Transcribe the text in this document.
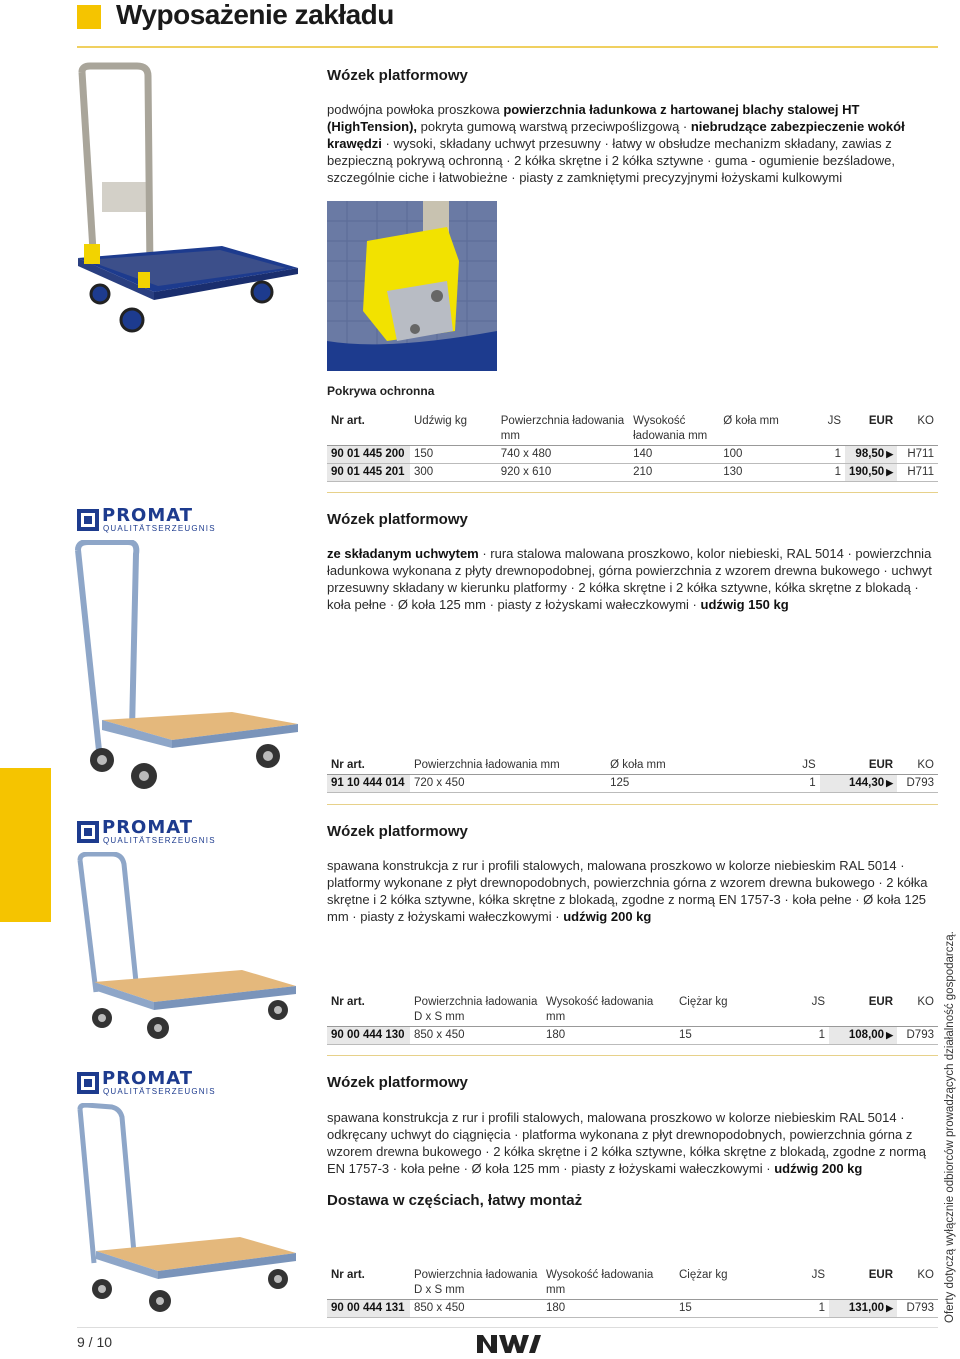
Wyposażenie zakładu
Oferty dotyczą wyłącznie odbiorców prowadzących działalność gospodarczą.
Wózek platformowy
podwójna powłoka proszkowa powierzchnia ładunkowa z hartowanej blachy stalowej HT (HighTension), pokryta gumową warstwą przeciwpoślizgową · niebrudzące zabezpieczenie wokół krawędzi · wysoki, składany uchwyt przesuwny · łatwy w obsłudze mechanizm składany, zawias z bezpieczną pokrywą ochronną · 2 kółka skrętne i 2 kółka sztywne · guma - ogumienie bezśladowe, szczególnie ciche i łatwobieżne · piasty z zamkniętymi precyzyjnymi łożyskami kulkowymi
Pokrywa ochronna
Nr art.	Udźwig kg	Powierzchnia ładowania mm	Wysokość ładowania mm	Ø koła mm	JS	EUR	KO
90 01 445 200	150	740 x 480	140	100	1	98,50 ▶	H711
90 01 445 201	300	920 x 610	210	130	1	190,50 ▶	H711
PROMAT
QUALITÄTSERZEUGNIS
Wózek platformowy
ze składanym uchwytem · rura stalowa malowana proszkowo, kolor niebieski, RAL 5014 · powierzchnia ładunkowa wykonana z płyty drewnopodobnej, górna powierzchnia z wzorem drewna bukowego · uchwyt przesuwny składany w kierunku platformy · 2 kółka skrętne i 2 kółka sztywne, kółka skrętne z blokadą · koła pełne · Ø koła 125 mm · piasty z łożyskami wałeczkowymi · udźwig 150 kg
Nr art.	Powierzchnia ładowania mm	Ø koła mm	JS	EUR	KO
91 10 444 014	720 x 450	125	1	144,30 ▶	D793
PROMAT
QUALITÄTSERZEUGNIS
Wózek platformowy
spawana konstrukcja z rur i profili stalowych, malowana proszkowo w kolorze niebieskim RAL 5014 · platformy wykonane z płyt drewnopodobnych, powierzchnia górna z wzorem drewna bukowego · 2 kółka skrętne i 2 kółka sztywne, kółka skrętne z blokadą, zgodne z normą EN 1757-3 · koła pełne · Ø koła 125 mm · piasty z łożyskami wałeczkowymi · udźwig 200 kg
Nr art.	Powierzchnia ładowania D x S mm	Wysokość ładowania mm	Ciężar kg	JS	EUR	KO
90 00 444 130	850 x 450	180	15	1	108,00 ▶	D793
PROMAT
QUALITÄTSERZEUGNIS
Wózek platformowy
spawana konstrukcja z rur i profili stalowych, malowana proszkowo w kolorze niebieskim RAL 5014 · odkręcany uchwyt do ciągnięcia · platforma wykonana z płyt drewnopodobnych, powierzchnia górna z wzorem drewna bukowego · 2 kółka skrętne i 2 kółka sztywne, kółka skrętne z blokadą, zgodne z normą EN 1757-3 · koła pełne · Ø koła 125 mm · piasty z łożyskami wałeczkowymi · udźwig 200 kg
Dostawa w częściach, łatwy montaż
Nr art.	Powierzchnia ładowania D x S mm	Wysokość ładowania mm	Ciężar kg	JS	EUR	KO
90 00 444 131	850 x 450	180	15	1	131,00 ▶	D793
9 / 10
